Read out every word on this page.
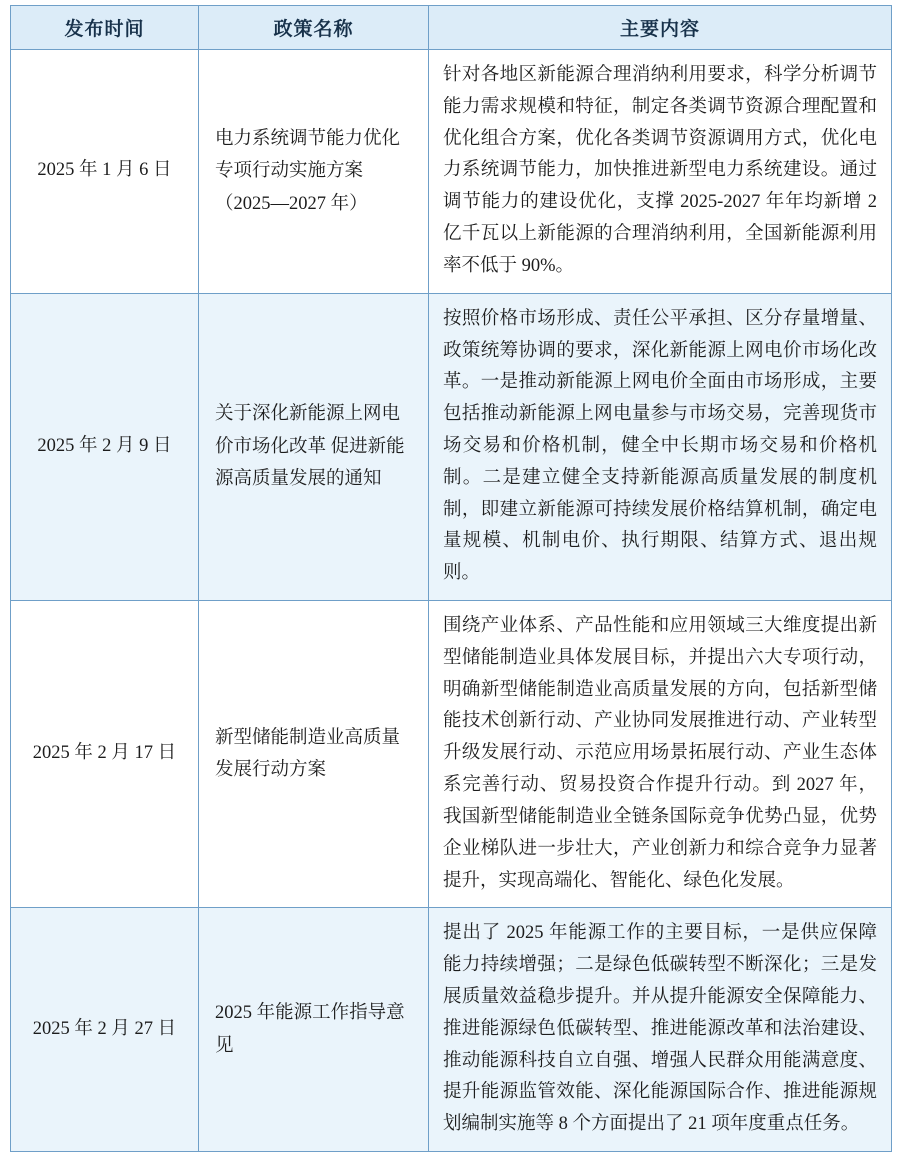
发布时间	政策名称	主要内容
2025 年 1 月 6 日	电力系统调节能力优化专项行动实施方案（2025—2027 年）	针对各地区新能源合理消纳利用要求，科学分析调节能力需求规模和特征，制定各类调节资源合理配置和优化组合方案，优化各类调节资源调用方式，优化电力系统调节能力，加快推进新型电力系统建设。通过调节能力的建设优化，支撑 2025-2027 年年均新增 2 亿千瓦以上新能源的合理消纳利用，全国新能源利用率不低于 90%。
2025 年 2 月 9 日	关于深化新能源上网电价市场化改革 促进新能源高质量发展的通知	按照价格市场形成、责任公平承担、区分存量增量、政策统筹协调的要求，深化新能源上网电价市场化改革。一是推动新能源上网电价全面由市场形成，主要包括推动新能源上网电量参与市场交易，完善现货市场交易和价格机制，健全中长期市场交易和价格机制。二是建立健全支持新能源高质量发展的制度机制，即建立新能源可持续发展价格结算机制，确定电量规模、机制电价、执行期限、结算方式、退出规则。
2025 年 2 月 17 日	新型储能制造业高质量发展行动方案	围绕产业体系、产品性能和应用领域三大维度提出新型储能制造业具体发展目标，并提出六大专项行动，明确新型储能制造业高质量发展的方向，包括新型储能技术创新行动、产业协同发展推进行动、产业转型升级发展行动、示范应用场景拓展行动、产业生态体系完善行动、贸易投资合作提升行动。到 2027 年，我国新型储能制造业全链条国际竞争优势凸显，优势企业梯队进一步壮大，产业创新力和综合竞争力显著提升，实现高端化、智能化、绿色化发展。
2025 年 2 月 27 日	2025 年能源工作指导意见	提出了 2025 年能源工作的主要目标，一是供应保障能力持续增强；二是绿色低碳转型不断深化；三是发展质量效益稳步提升。并从提升能源安全保障能力、推进能源绿色低碳转型、推进能源改革和法治建设、推动能源科技自立自强、增强人民群众用能满意度、提升能源监管效能、深化能源国际合作、推进能源规划编制实施等 8 个方面提出了 21 项年度重点任务。
